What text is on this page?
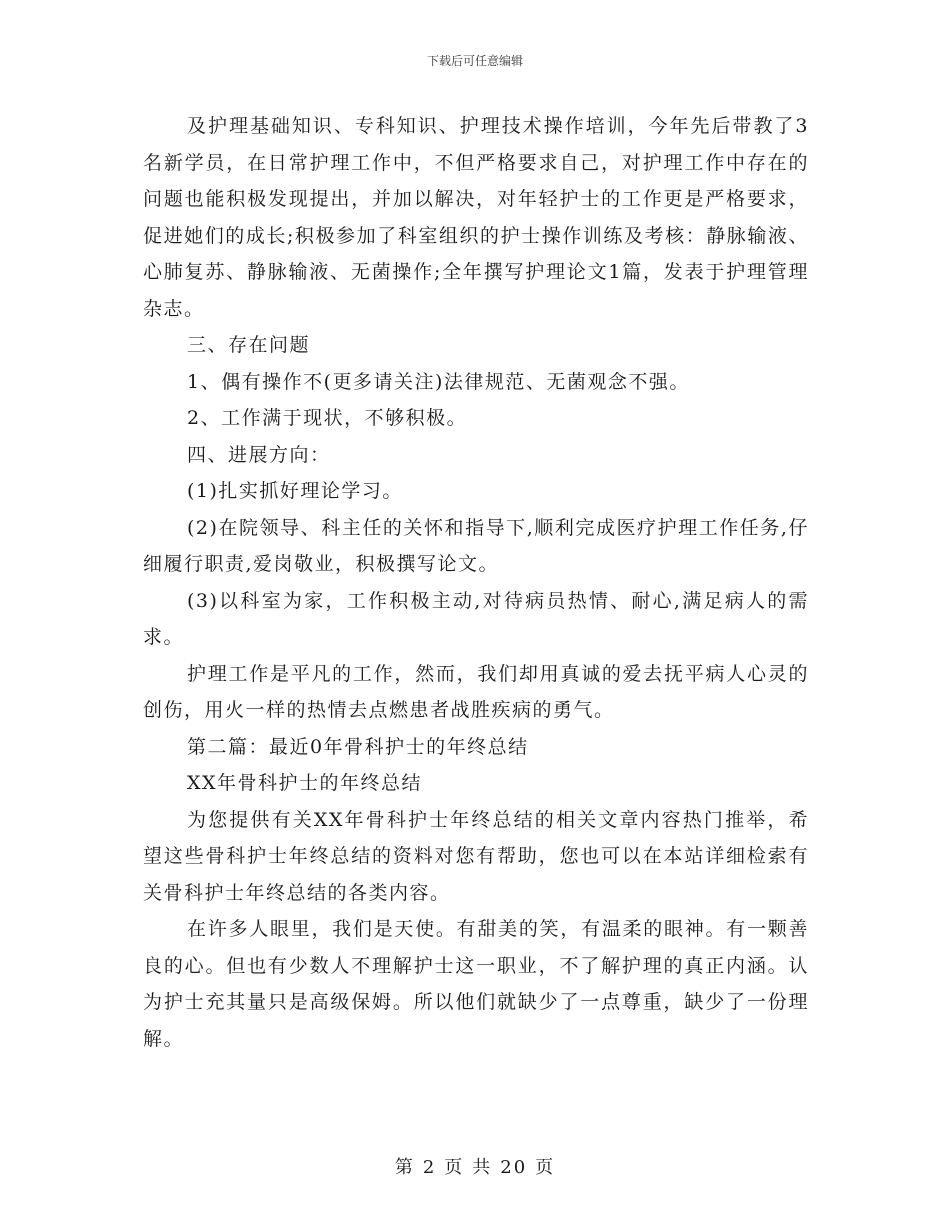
下载后可任意编辑

及护理基础知识、专科知识、护理技术操作培训，今年先后带教了3名新学员，在日常护理工作中，不但严格要求自己，对护理工作中存在的问题也能积极发现提出，并加以解决，对年轻护士的工作更是严格要求，促进她们的成长;积极参加了科室组织的护士操作训练及考核：静脉输液、心肺复苏、静脉输液、无菌操作;全年撰写护理论文1篇，发表于护理管理杂志。

三、存在问题

1、偶有操作不(更多请关注)法律规范、无菌观念不强。

2、工作满于现状，不够积极。

四、进展方向：

(1)扎实抓好理论学习。

(2)在院领导、科主任的关怀和指导下,顺利完成医疗护理工作任务,仔细履行职责,爱岗敬业，积极撰写论文。

(3)以科室为家，工作积极主动,对待病员热情、耐心,满足病人的需求。

护理工作是平凡的工作，然而，我们却用真诚的爱去抚平病人心灵的创伤，用火一样的热情去点燃患者战胜疾病的勇气。

第二篇：最近0年骨科护士的年终总结

XX年骨科护士的年终总结

为您提供有关XX年骨科护士年终总结的相关文章内容热门推举，希望这些骨科护士年终总结的资料对您有帮助，您也可以在本站详细检索有关骨科护士年终总结的各类内容。

在许多人眼里，我们是天使。有甜美的笑，有温柔的眼神。有一颗善良的心。但也有少数人不理解护士这一职业，不了解护理的真正内涵。认为护士充其量只是高级保姆。所以他们就缺少了一点尊重，缺少了一份理解。

第 2 页 共 20 页
